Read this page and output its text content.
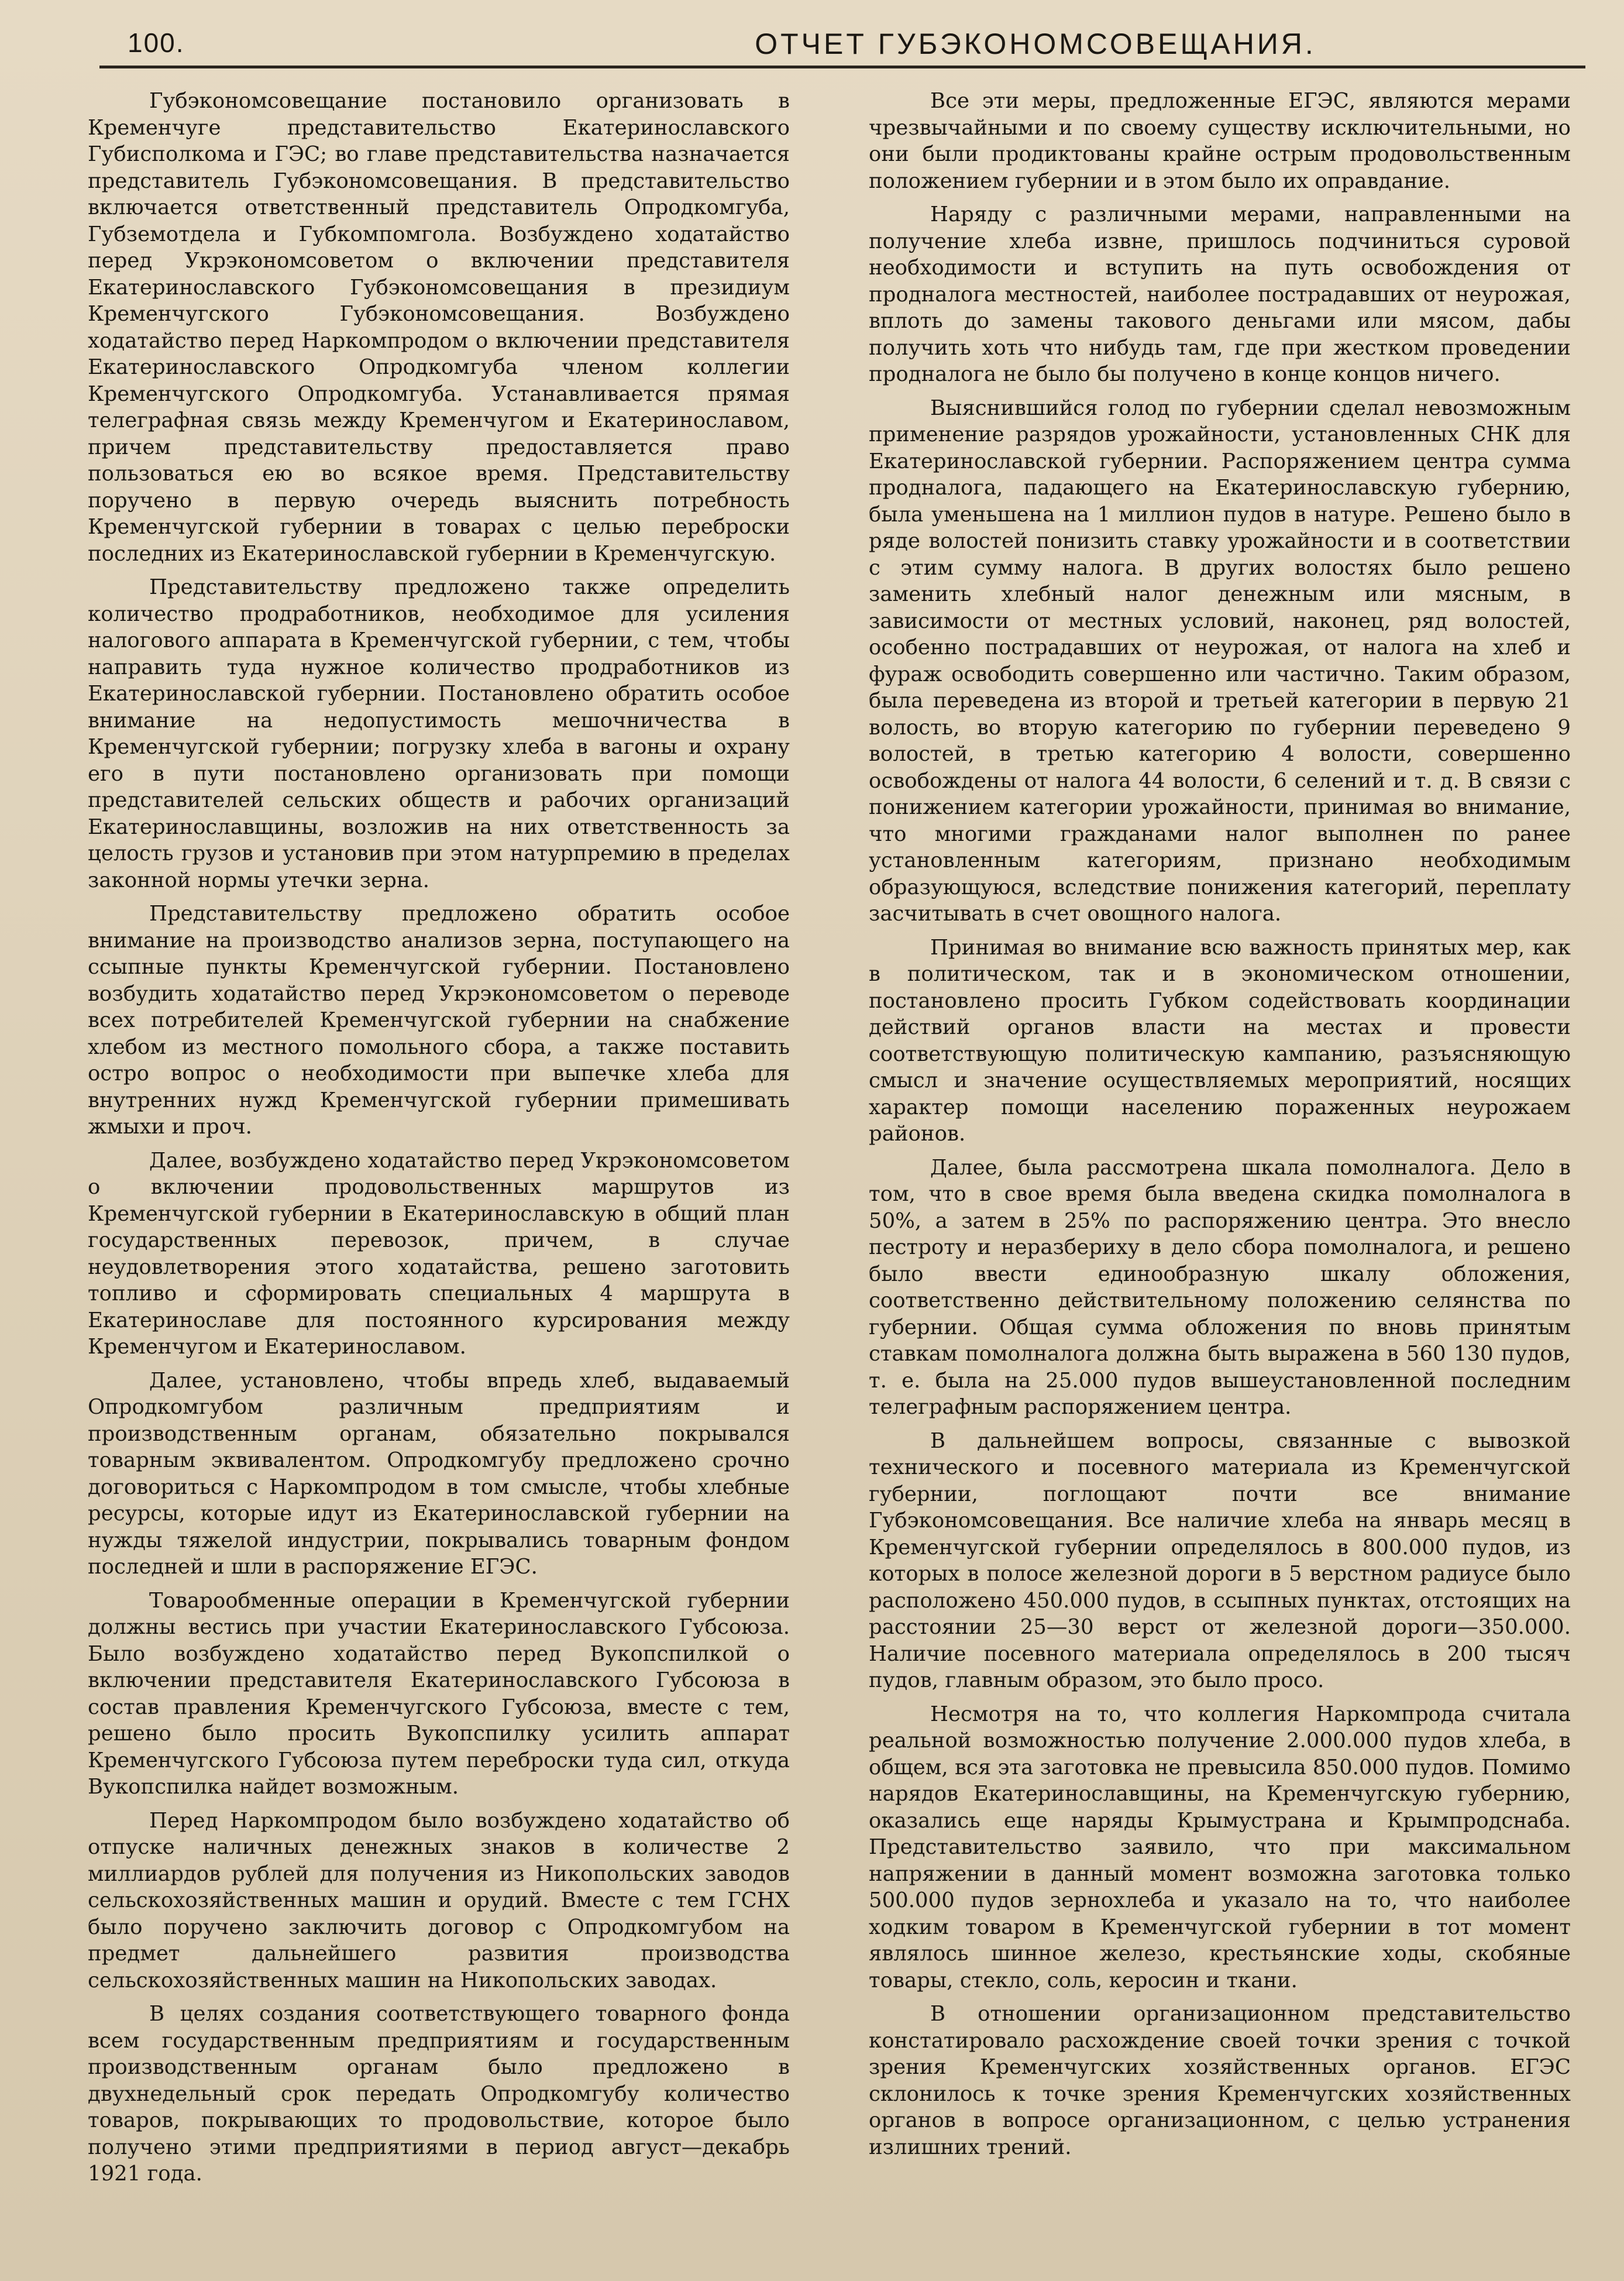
100.	ОТЧЕТ ГУБЭКОНОМСОВЕЩАНИЯ.

Губэкономсовещание постановило организовать в Кременчуге представительство Екатеринославского Губисполкома и ГЭС; во главе представительства назначается представитель Губэкономсовещания. В представительство включается ответственный представитель Опродкомгуба, Губземотдела и Губкомпомгола. Возбуждено ходатайство перед Укрэкономсоветом о включении представителя Екатеринославского Губэкономсовещания в президиум Кременчугского Губэкономсовещания. Возбуждено ходатайство перед Наркомпродом о включении представителя Екатеринославского Опродкомгуба членом коллегии Кременчугского Опродкомгуба. Устанавливается прямая телеграфная связь между Кременчугом и Екатеринославом, причем представительству предоставляется право пользоваться ею во всякое время. Представительству поручено в первую очередь выяснить потребность Кременчугской губернии в товарах с целью переброски последних из Екатеринославской губернии в Кременчугскую.

Представительству предложено также определить количество продработников, необходимое для усиления налогового аппарата в Кременчугской губернии, с тем, чтобы направить туда нужное количество продработников из Екатеринославской губернии. Постановлено обратить особое внимание на недопустимость мешочничества в Кременчугской губернии; погрузку хлеба в вагоны и охрану его в пути постановлено организовать при помощи представителей сельских обществ и рабочих организаций Екатеринославщины, возложив на них ответственность за целость грузов и установив при этом натурпремию в пределах законной нормы утечки зерна.

Представительству предложено обратить особое внимание на производство анализов зерна, поступающего на ссыпные пункты Кременчугской губернии. Постановлено возбудить ходатайство перед Укрэкономсоветом о переводе всех потребителей Кременчугской губернии на снабжение хлебом из местного помольного сбора, а также поставить остро вопрос о необходимости при выпечке хлеба для внутренних нужд Кременчугской губернии примешивать жмыхи и проч.

Далее, возбуждено ходатайство перед Укрэкономсоветом о включении продовольственных маршрутов из Кременчугской губернии в Екатеринославскую в общий план государственных перевозок, причем, в случае неудовлетворения этого ходатайства, решено заготовить топливо и сформировать специальных 4 маршрута в Екатеринославе для постоянного курсирования между Кременчугом и Екатеринославом.

Далее, установлено, чтобы впредь хлеб, выдаваемый Опродкомгубом различным предприятиям и производственным органам, обязательно покрывался товарным эквивалентом. Опродкомгубу предложено срочно договориться с Наркомпродом в том смысле, чтобы хлебные ресурсы, которые идут из Екатеринославской губернии на нужды тяжелой индустрии, покрывались товарным фондом последней и шли в распоряжение ЕГЭС.

Товарообменные операции в Кременчугской губернии должны вестись при участии Екатеринославского Губсоюза. Было возбуждено ходатайство перед Вукопспилкой о включении представителя Екатеринославского Губсоюза в состав правления Кременчугского Губсоюза, вместе с тем, решено было просить Вукопспилку усилить аппарат Кременчугского Губсоюза путем переброски туда сил, откуда Вукопспилка найдет возможным.

Перед Наркомпродом было возбуждено ходатайство об отпуске наличных денежных знаков в количестве 2 миллиардов рублей для получения из Никопольских заводов сельскохозяйственных машин и орудий. Вместе с тем ГСНХ было поручено заключить договор с Опродкомгубом на предмет дальнейшего развития производства сельскохозяйственных машин на Никопольских заводах.

В целях создания соответствующего товарного фонда всем государственным предприятиям и государственным производственным органам было предложено в двухнедельный срок передать Опродкомгубу количество товаров, покрывающих то продовольствие, которое было получено этими предприятиями в период август—декабрь 1921 года.

Все эти меры, предложенные ЕГЭС, являются мерами чрезвычайными и по своему существу исключительными, но они были продиктованы крайне острым продовольственным положением губернии и в этом было их оправдание.

Наряду с различными мерами, направленными на получение хлеба извне, пришлось подчиниться суровой необходимости и вступить на путь освобождения от продналога местностей, наиболее пострадавших от неурожая, вплоть до замены такового деньгами или мясом, дабы получить хоть что нибудь там, где при жестком проведении продналога не было бы получено в конце концов ничего.

Выяснившийся голод по губернии сделал невозможным применение разрядов урожайности, установленных СНК для Екатеринославской губернии. Распоряжением центра сумма продналога, падающего на Екатеринославскую губернию, была уменьшена на 1 миллион пудов в натуре. Решено было в ряде волостей понизить ставку урожайности и в соответствии с этим сумму налога. В других волостях было решено заменить хлебный налог денежным или мясным, в зависимости от местных условий, наконец, ряд волостей, особенно пострадавших от неурожая, от налога на хлеб и фураж освободить совершенно или частично. Таким образом, была переведена из второй и третьей категории в первую 21 волость, во вторую категорию по губернии переведено 9 волостей, в третью категорию 4 волости, совершенно освобождены от налога 44 волости, 6 селений и т. д. В связи с понижением категории урожайности, принимая во внимание, что многими гражданами налог выполнен по ранее установленным категориям, признано необходимым образующуюся, вследствие понижения категорий, переплату засчитывать в счет овощного налога.

Принимая во внимание всю важность принятых мер, как в политическом, так и в экономическом отношении, постановлено просить Губком содействовать координации действий органов власти на местах и провести соответствующую политическую кампанию, разъясняющую смысл и значение осуществляемых мероприятий, носящих характер помощи населению пораженных неурожаем районов.

Далее, была рассмотрена шкала помолналога. Дело в том, что в свое время была введена скидка помолналога в 50%, а затем в 25% по распоряжению центра. Это внесло пестроту и неразбериху в дело сбора помолналога, и решено было ввести единообразную шкалу обложения, соответственно действительному положению селянства по губернии. Общая сумма обложения по вновь принятым ставкам помолналога должна быть выражена в 560 130 пудов, т. е. была на 25.000 пудов вышеустановленной последним телеграфным распоряжением центра.

В дальнейшем вопросы, связанные с вывозкой технического и посевного материала из Кременчугской губернии, поглощают почти все внимание Губэкономсовещания. Все наличие хлеба на январь месяц в Кременчугской губернии определялось в 800.000 пудов, из которых в полосе железной дороги в 5 верстном радиусе было расположено 450.000 пудов, в ссыпных пунктах, отстоящих на расстоянии 25—30 верст от железной дороги—350.000. Наличие посевного материала определялось в 200 тысяч пудов, главным образом, это было просо.

Несмотря на то, что коллегия Наркомпрода считала реальной возможностью получение 2.000.000 пудов хлеба, в общем, вся эта заготовка не превысила 850.000 пудов. Помимо нарядов Екатеринославщины, на Кременчугскую губернию, оказались еще наряды Крымустрана и Крымпродснаба. Представительство заявило, что при максимальном напряжении в данный момент возможна заготовка только 500.000 пудов зернохлеба и указало на то, что наиболее ходким товаром в Кременчугской губернии в тот момент являлось шинное железо, крестьянские ходы, скобяные товары, стекло, соль, керосин и ткани.

В отношении организационном представительство констатировало расхождение своей точки зрения с точкой зрения Кременчугских хозяйственных органов. ЕГЭС склонилось к точке зрения Кременчугских хозяйственных органов в вопросе организационном, с целью устранения излишних трений.
